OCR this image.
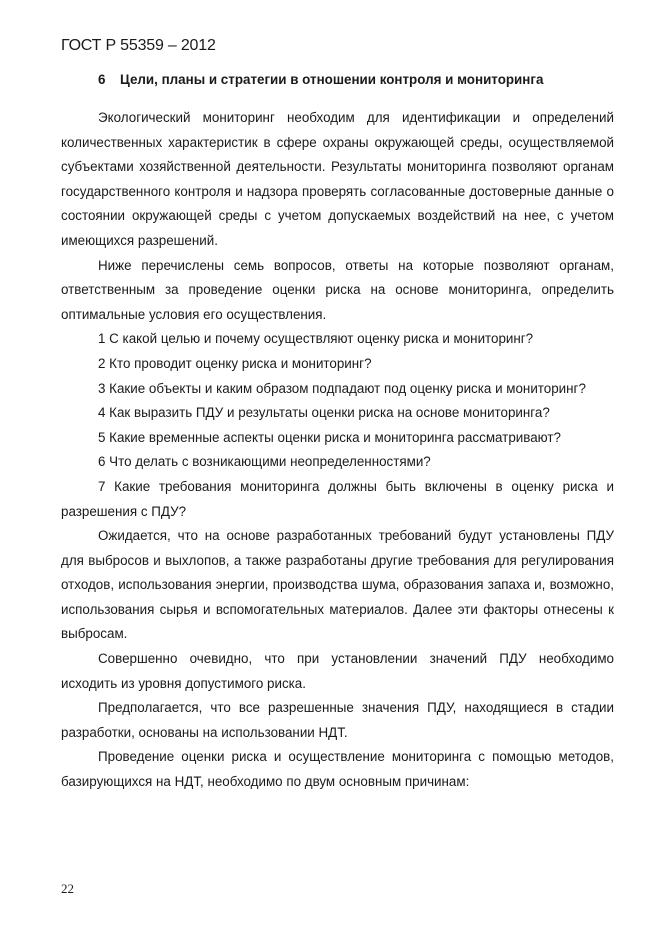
ГОСТ Р 55359 – 2012
6 Цели, планы и стратегии в отношении контроля и мониторинга

Экологический мониторинг необходим для идентификации и определений количественных характеристик в сфере охраны окружающей среды, осуществляемой субъектами хозяйственной деятельности. Результаты мониторинга позволяют органам государственного контроля и надзора проверять согласованные достоверные данные о состоянии окружающей среды с учетом допускаемых воздействий на нее, с учетом имеющихся разрешений.

Ниже перечислены семь вопросов, ответы на которые позволяют органам, ответственным за проведение оценки риска на основе мониторинга, определить оптимальные условия его осуществления.

1 С какой целью и почему осуществляют оценку риска и мониторинг?

2 Кто проводит оценку риска и мониторинг?

3 Какие объекты и каким образом подпадают под оценку риска и мониторинг?

4 Как выразить ПДУ и результаты оценки риска на основе мониторинга?

5 Какие временные аспекты оценки риска и мониторинга рассматривают?

6 Что делать с возникающими неопределенностями?

7 Какие требования мониторинга должны быть включены в оценку риска и разрешения с ПДУ?

Ожидается, что на основе разработанных требований будут установлены ПДУ для выбросов и выхлопов, а также разработаны другие требования для регулирования отходов, использования энергии, производства шума, образования запаха и, возможно, использования сырья и вспомогательных материалов. Далее эти факторы отнесены к выбросам.

Совершенно очевидно, что при установлении значений ПДУ необходимо исходить из уровня допустимого риска.

Предполагается, что все разрешенные значения ПДУ, находящиеся в стадии разработки, основаны на использовании НДТ.

Проведение оценки риска и осуществление мониторинга с помощью методов, базирующихся на НДТ, необходимо по двум основным причинам:

22
